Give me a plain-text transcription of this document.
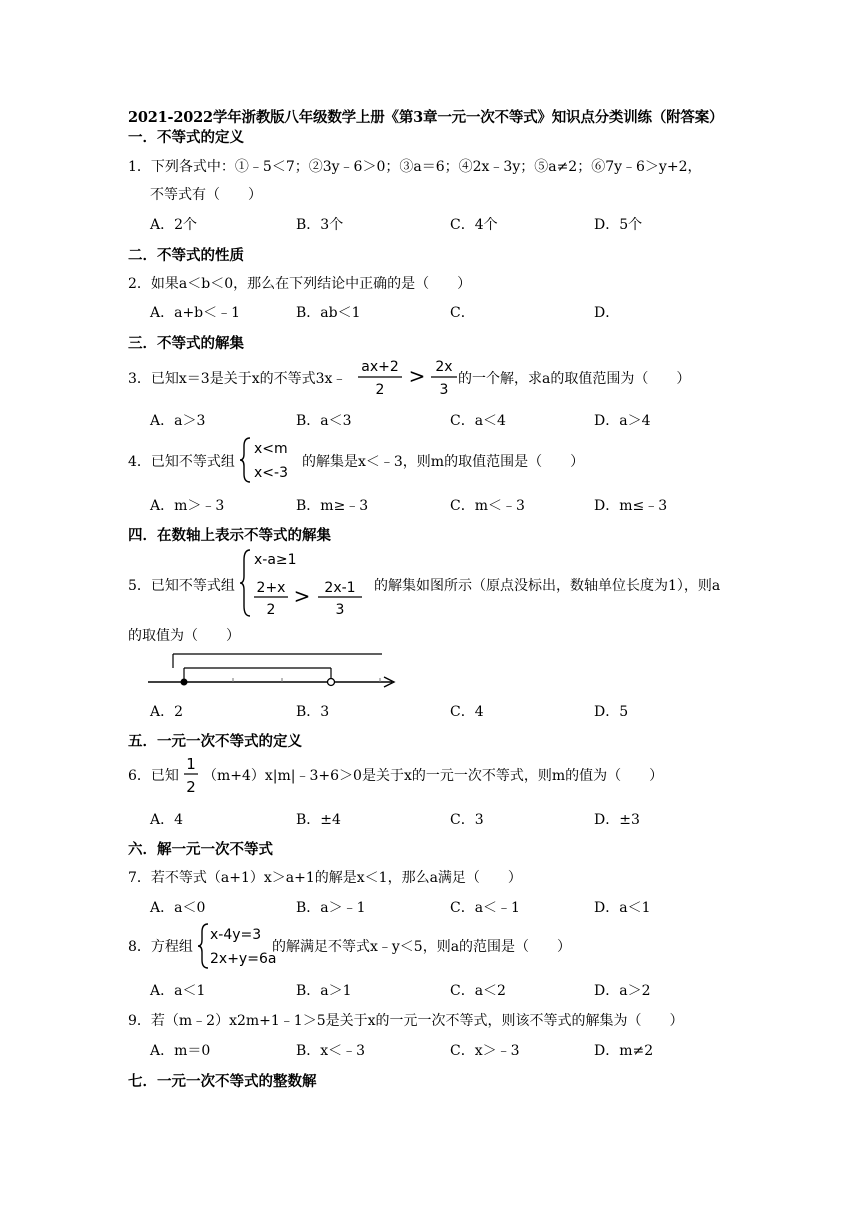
2021-2022学年浙教版八年级数学上册《第3章一元一次不等式》知识点分类训练（附答案）
一．不等式的定义
1．下列各式中：①﹣5＜7；②3y﹣6＞0；③a＝6；④2x﹣3y；⑤a≠2；⑥7y﹣6＞y+2，
不等式有（　　）
A．2个	B．3个	C．4个	D．5个
二．不等式的性质
2．如果a＜b＜0，那么在下列结论中正确的是（　　）
A．a+b＜﹣1	B．ab＜1	C．	D．
三．不等式的解集
3．已知x＝3是关于x的不等式3x﹣
ax+2
2
> 2x
3
的一个解，求a的取值范围为（　　）
A．a＞3	B．a＜3	C．a＜4	D．a＞4
4．已知不等式组
x<m
x<-3
的解集是x＜﹣3，则m的取值范围是（　　）
A．m＞﹣3	B．m≥﹣3	C．m＜﹣3	D．m≤﹣3
四．在数轴上表示不等式的解集
5．已知不等式组
x-a≥1
2+x
2
> 2x-1
3
的解集如图所示（原点没标出，数轴单位长度为1），则a
的取值为（　　）
A．2	B．3	C．4	D．5
五．一元一次不等式的定义
6．已知
1
2
（m+4）x|m|﹣3+6＞0是关于x的一元一次不等式，则m的值为（　　）
A．4	B．±4	C．3	D．±3
六．解一元一次不等式
7．若不等式（a+1）x＞a+1的解是x＜1，那么a满足（　　）
A．a＜0	B．a＞﹣1	C．a＜﹣1	D．a＜1
8．方程组
x-4y=3
2x+y=6a
的解满足不等式x﹣y＜5，则a的范围是（　　）
A．a＜1	B．a＞1	C．a＜2	D．a＞2
9．若（m﹣2）x2m+1﹣1＞5是关于x的一元一次不等式，则该不等式的解集为（　　）
A．m＝0	B．x＜﹣3	C．x＞﹣3	D．m≠2
七．一元一次不等式的整数解
